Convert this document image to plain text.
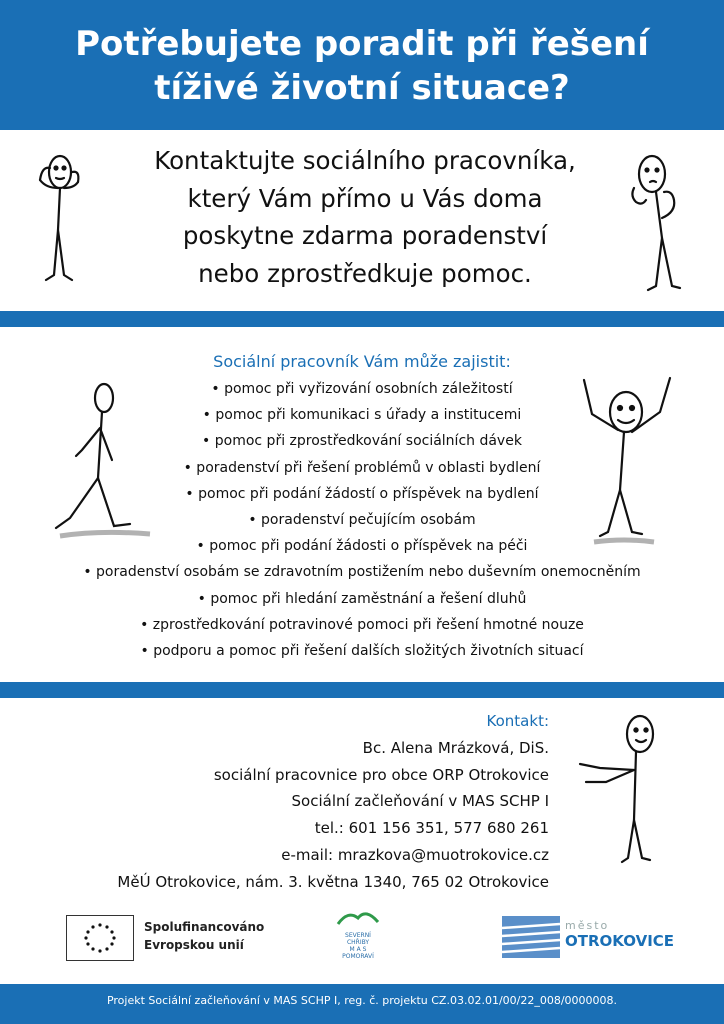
Potřebujete poradit při řešení
tíživé životní situace?
Kontaktujte sociálního pracovníka,
který Vám přímo u Vás doma
poskytne zdarma poradenství
nebo zprostředkuje pomoc.
Sociální pracovník Vám může zajistit:
• pomoc při vyřizování osobních záležitostí
• pomoc při komunikaci s úřady a institucemi
• pomoc při zprostředkování sociálních dávek
• poradenství při řešení problémů v oblasti bydlení
• pomoc při podání žádostí o příspěvek na bydlení
• poradenství pečujícím osobám
• pomoc při podání žádosti o příspěvek na péči
• poradenství osobám se zdravotním postižením nebo duševním onemocněním
• pomoc při hledání zaměstnání a řešení dluhů
• zprostředkování potravinové pomoci při řešení hmotné nouze
• podporu a pomoc při řešení dalších složitých životních situací
Kontakt:
Bc. Alena Mrázková, DiS.
sociální pracovnice pro obce ORP Otrokovice
Sociální začleňování v MAS SCHP I
tel.: 601 156 351, 577 680 261
e-mail: mrazkova@muotrokovice.cz
MěÚ Otrokovice, nám. 3. května 1340, 765 02 Otrokovice
Spolufinancováno
Evropskou unií
SEVERNÍ CHŘIBY
M A S
POMORAVÍ
město
OTROKOVICE
Projekt Sociální začleňování v MAS SCHP I, reg. č. projektu CZ.03.02.01/00/22_008/0000008.
